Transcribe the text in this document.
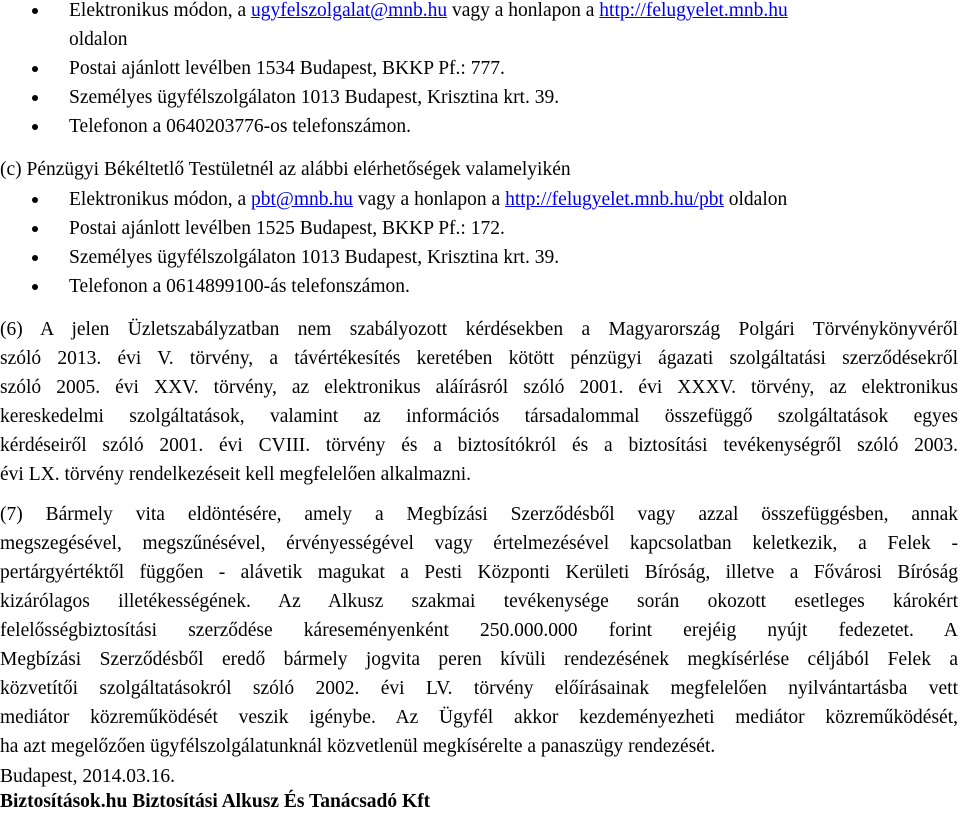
Elektronikus módon, a ugyfelszolgalat@mnb.hu vagy a honlapon a http://felugyelet.mnb.hu
oldalon
Postai ajánlott levélben 1534 Budapest, BKKP Pf.: 777.
Személyes ügyfélszolgálaton 1013 Budapest, Krisztina krt. 39.
Telefonon a 0640203776-os telefonszámon.
(c) Pénzügyi Békéltetlő Testületnél az alábbi elérhetőségek valamelyikén
Elektronikus módon, a pbt@mnb.hu vagy a honlapon a http://felugyelet.mnb.hu/pbt oldalon
Postai ajánlott levélben 1525 Budapest, BKKP Pf.: 172.
Személyes ügyfélszolgálaton 1013 Budapest, Krisztina krt. 39.
Telefonon a 0614899100-ás telefonszámon.
(6) A jelen Üzletszabályzatban nem szabályozott kérdésekben a Magyarország Polgári Törvénykönyvéről
szóló 2013. évi V. törvény, a távértékesítés keretében kötött pénzügyi ágazati szolgáltatási szerződésekről
szóló 2005. évi XXV. törvény, az elektronikus aláírásról szóló 2001. évi XXXV. törvény, az elektronikus
kereskedelmi szolgáltatások, valamint az információs társadalommal összefüggő szolgáltatások egyes
kérdéseiről szóló 2001. évi CVIII. törvény és a biztosítókról és a biztosítási tevékenységről szóló 2003.
évi LX. törvény rendelkezéseit kell megfelelően alkalmazni.
(7) Bármely vita eldöntésére, amely a Megbízási Szerződésből vagy azzal összefüggésben, annak
megszegésével, megszűnésével, érvényességével vagy értelmezésével kapcsolatban keletkezik, a Felek -
pertárgyértéktől függően - alávetik magukat a Pesti Központi Kerületi Bíróság, illetve a Fővárosi Bíróság
kizárólagos illetékességének. Az Alkusz szakmai tevékenysége során okozott esetleges károkért
felelősségbiztosítási szerződése káreseményenként 250.000.000 forint erejéig nyújt fedezetet. A
Megbízási Szerződésből eredő bármely jogvita peren kívüli rendezésének megkísérlése céljából Felek a
közvetítői szolgáltatásokról szóló 2002. évi LV. törvény előírásainak megfelelően nyilvántartásba vett
mediátor közreműködését veszik igénybe. Az Ügyfél akkor kezdeményezheti mediátor közreműködését,
ha azt megelőzően ügyfélszolgálatunknál közvetlenül megkísérelte a panaszügy rendezését.
Budapest, 2014.03.16.
Biztosítások.hu Biztosítási Alkusz És Tanácsadó Kft
